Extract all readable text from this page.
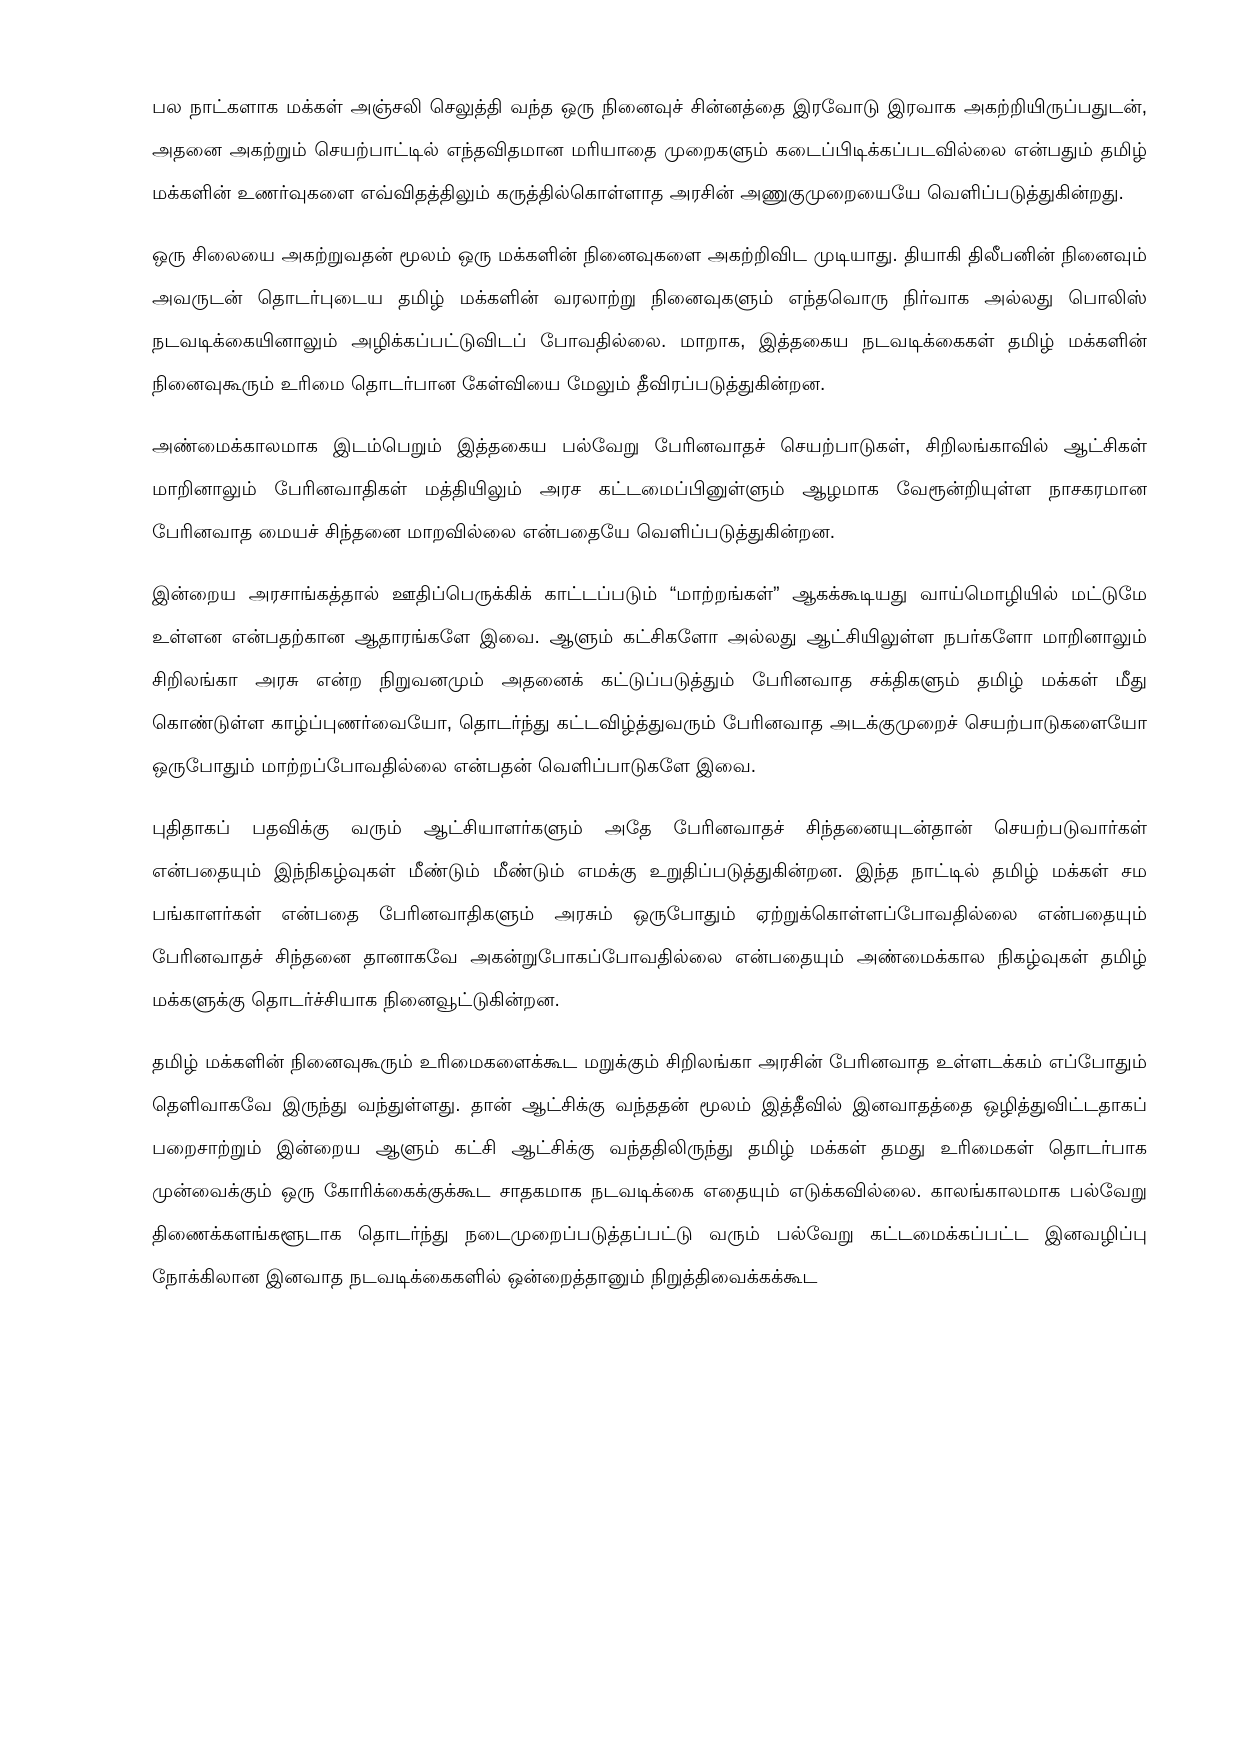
பல நாட்களாக மக்கள் அஞ்சலி செலுத்தி வந்த ஒரு நினைவுச் சின்னத்தை இரவோடு இரவாக அகற்றியிருப்பதுடன், அதனை அகற்றும் செயற்பாட்டில் எந்தவிதமான மரியாதை முறைகளும் கடைப்பிடிக்கப்படவில்லை என்பதும் தமிழ் மக்களின் உணர்வுகளை எவ்விதத்திலும் கருத்தில்கொள்ளாத அரசின் அணுகுமுறையையே வெளிப்படுத்துகின்றது.

ஒரு சிலையை அகற்றுவதன் மூலம் ஒரு மக்களின் நினைவுகளை அகற்றிவிட முடியாது. தியாகி திலீபனின் நினைவும் அவருடன் தொடர்புடைய தமிழ் மக்களின் வரலாற்று நினைவுகளும் எந்தவொரு நிர்வாக அல்லது பொலிஸ் நடவடிக்கையினாலும் அழிக்கப்பட்டுவிடப் போவதில்லை. மாறாக, இத்தகைய நடவடிக்கைகள் தமிழ் மக்களின் நினைவுகூரும் உரிமை தொடர்பான கேள்வியை மேலும் தீவிரப்படுத்துகின்றன.

அண்மைக்காலமாக இடம்பெறும் இத்தகைய பல்வேறு பேரினவாதச் செயற்பாடுகள், சிறிலங்காவில் ஆட்சிகள் மாறினாலும் பேரினவாதிகள் மத்தியிலும் அரச கட்டமைப்பினுள்ளும் ஆழமாக வேரூன்றியுள்ள நாசகரமான பேரினவாத மையச் சிந்தனை மாறவில்லை என்பதையே வெளிப்படுத்துகின்றன.

இன்றைய அரசாங்கத்தால் ஊதிப்பெருக்கிக் காட்டப்படும் “மாற்றங்கள்” ஆகக்கூடியது வாய்மொழியில் மட்டுமே உள்ளன என்பதற்கான ஆதாரங்களே இவை. ஆளும் கட்சிகளோ அல்லது ஆட்சியிலுள்ள நபர்களோ மாறினாலும் சிறிலங்கா அரசு என்ற நிறுவனமும் அதனைக் கட்டுப்படுத்தும் பேரினவாத சக்திகளும் தமிழ் மக்கள் மீது கொண்டுள்ள காழ்ப்புணர்வையோ, தொடர்ந்து கட்டவிழ்த்துவரும் பேரினவாத அடக்குமுறைச் செயற்பாடுகளையோ ஒருபோதும் மாற்றப்போவதில்லை என்பதன் வெளிப்பாடுகளே இவை.

புதிதாகப் பதவிக்கு வரும் ஆட்சியாளர்களும் அதே பேரினவாதச் சிந்தனையுடன்தான் செயற்படுவார்கள் என்பதையும் இந்நிகழ்வுகள் மீண்டும் மீண்டும் எமக்கு உறுதிப்படுத்துகின்றன. இந்த நாட்டில் தமிழ் மக்கள் சம பங்காளர்கள் என்பதை பேரினவாதிகளும் அரசும் ஒருபோதும் ஏற்றுக்கொள்ளப்போவதில்லை என்பதையும் பேரினவாதச் சிந்தனை தானாகவே அகன்றுபோகப்போவதில்லை என்பதையும் அண்மைக்கால நிகழ்வுகள் தமிழ் மக்களுக்கு தொடர்ச்சியாக நினைவூட்டுகின்றன.

தமிழ் மக்களின் நினைவுகூரும் உரிமைகளைக்கூட மறுக்கும் சிறிலங்கா அரசின் பேரினவாத உள்ளடக்கம் எப்போதும் தெளிவாகவே இருந்து வந்துள்ளது. தான் ஆட்சிக்கு வந்ததன் மூலம் இத்தீவில் இனவாதத்தை ஒழித்துவிட்டதாகப் பறைசாற்றும் இன்றைய ஆளும் கட்சி ஆட்சிக்கு வந்ததிலிருந்து தமிழ் மக்கள் தமது உரிமைகள் தொடர்பாக முன்வைக்கும் ஒரு கோரிக்கைக்குக்கூட சாதகமாக நடவடிக்கை எதையும் எடுக்கவில்லை. காலங்காலமாக பல்வேறு திணைக்களங்களூடாக தொடர்ந்து நடைமுறைப்படுத்தப்பட்டு வரும் பல்வேறு கட்டமைக்கப்பட்ட இனவழிப்பு நோக்கிலான இனவாத நடவடிக்கைகளில் ஒன்றைத்தானும் நிறுத்திவைக்கக்கூட
